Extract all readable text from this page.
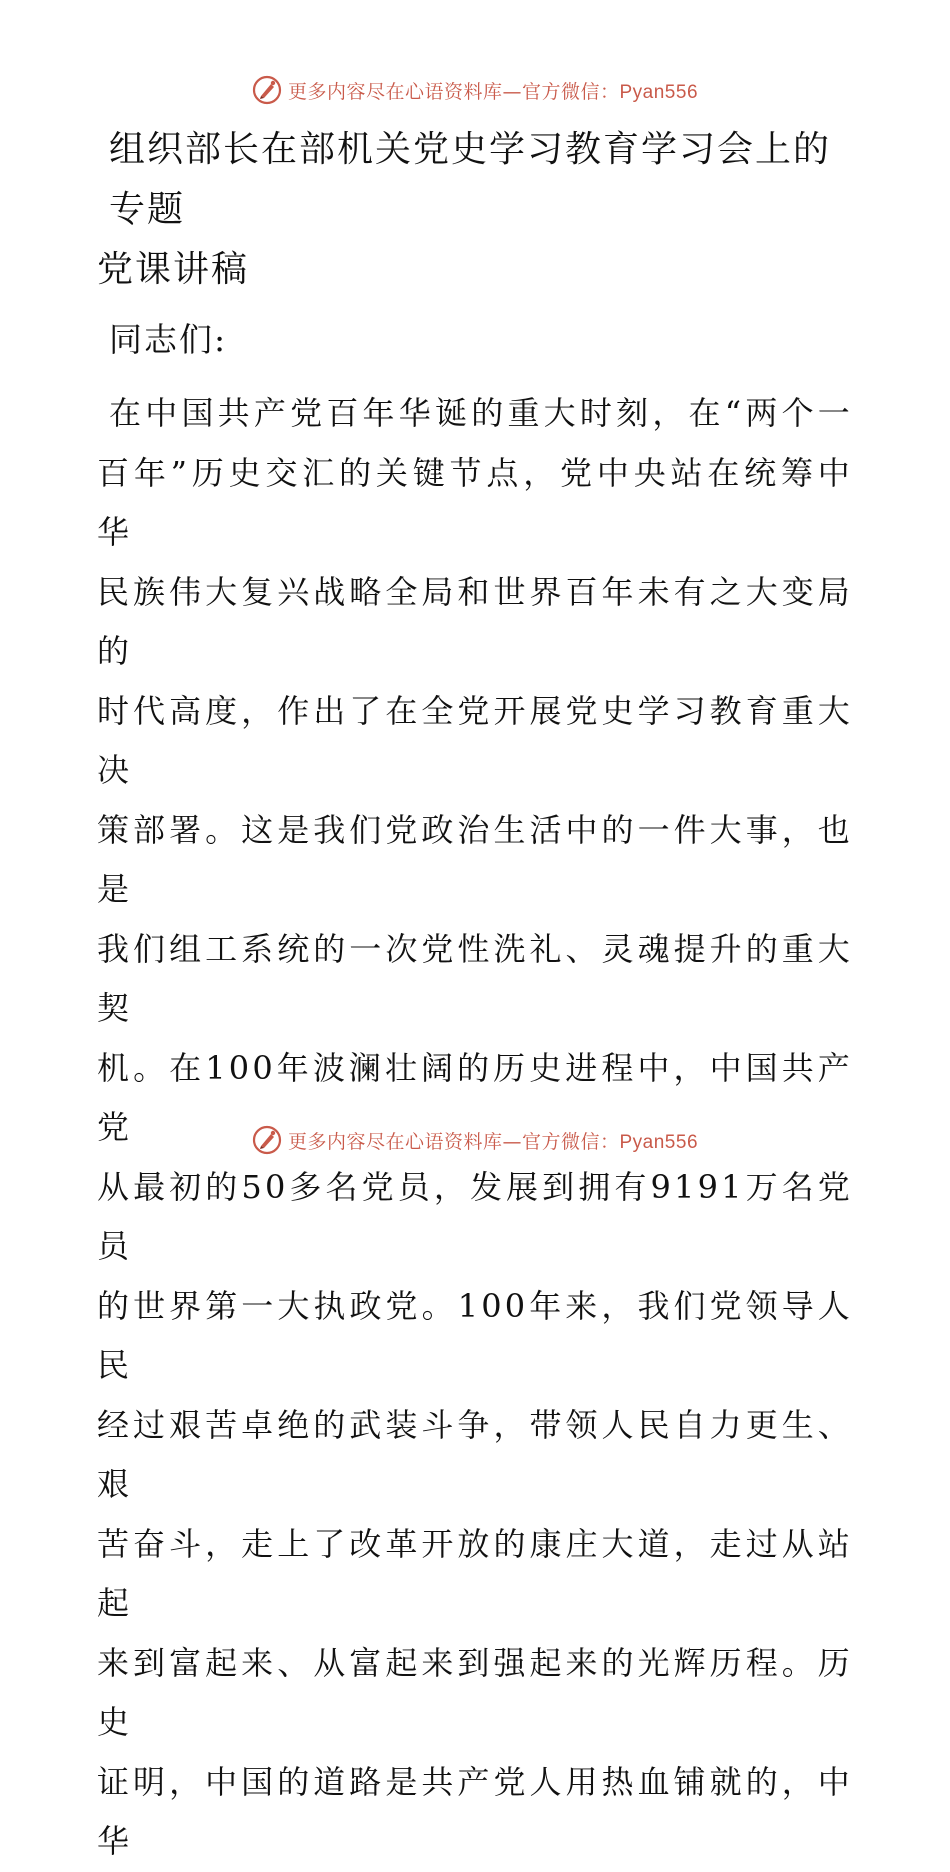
更多内容尽在心语资料库—官方微信：Pyan556
组织部长在部机关党史学习教育学习会上的专题
党课讲稿

同志们:

在中国共产党百年华诞的重大时刻，在“两个一
百年”历史交汇的关键节点，党中央站在统筹中华
民族伟大复兴战略全局和世界百年未有之大变局的
时代高度，作出了在全党开展党史学习教育重大决
策部署。这是我们党政治生活中的一件大事，也是
我们组工系统的一次党性洗礼、灵魂提升的重大契
机。在100年波澜壮阔的历史进程中，中国共产党
从最初的50多名党员，发展到拥有9191万名党员
的世界第一大执政党。100年来，我们党领导人民
经过艰苦卓绝的武装斗争，带领人民自力更生、艰
苦奋斗，走上了改革开放的康庄大道，走过从站起
来到富起来、从富起来到强起来的光辉历程。历史
证明，中国的道路是共产党人用热血铺就的，中华
更多内容尽在心语资料库—官方微信：Pyan556
